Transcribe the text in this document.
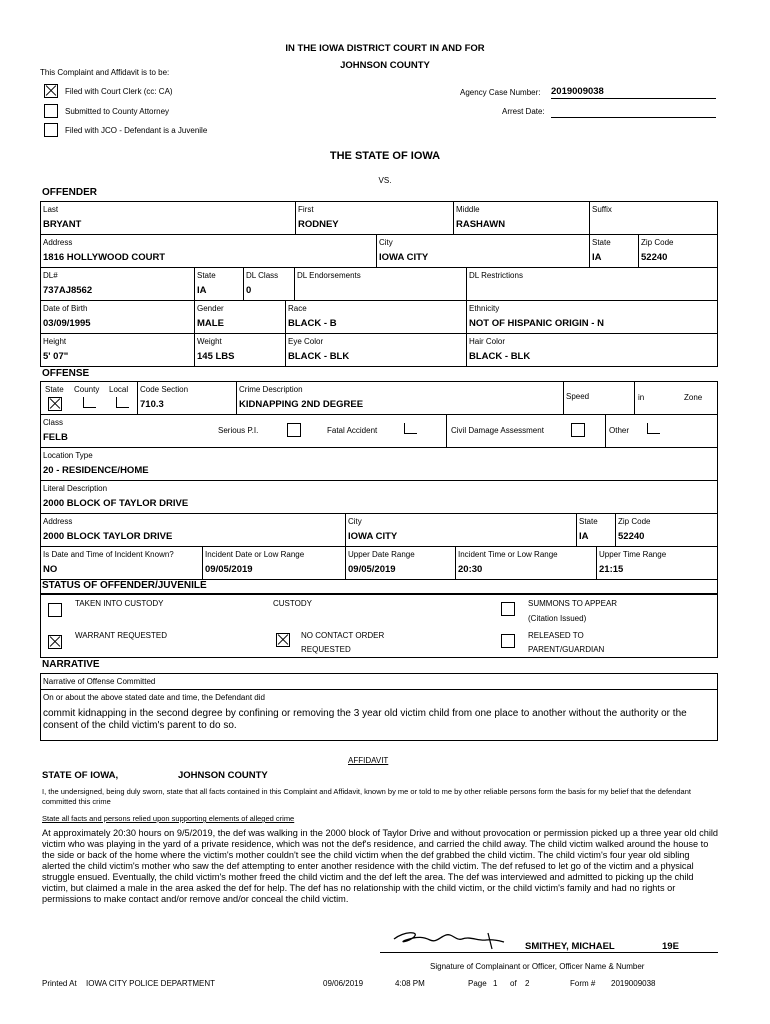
IN THE IOWA DISTRICT COURT IN AND FOR
JOHNSON COUNTY
This Complaint and Affidavit is to be:
Filed with Court Clerk (cc: CA)
Submitted to County Attorney
Filed with JCO - Defendant is a Juvenile
Agency Case Number: 2019009038
Arrest Date:
THE STATE OF IOWA
VS.
OFFENDER
Last
BRYANT
First
RODNEY
Middle
RASHAWN
Suffix
Address
1816 HOLLYWOOD COURT
City
IOWA CITY
State
IA
Zip Code
52240
DL#
737AJ8562
State
IA
DL Class
0
DL Endorsements	DL Restrictions
Date of Birth
03/09/1995
Gender
MALE
Race
BLACK - B
Ethnicity
NOT OF HISPANIC ORIGIN - N
Height
5' 07"
Weight
145 LBS
Eye Color
BLACK - BLK
Hair Color
BLACK - BLK
OFFENSE
State County Local Code Section
710.3
Crime Description
KIDNAPPING 2ND DEGREE
Speed	in	Zone
Class
FELB
Serious P.I.	Fatal Accident	Civil Damage Assessment	Other
Location Type
20 - RESIDENCE/HOME
Literal Description
2000 BLOCK OF TAYLOR DRIVE
Address
2000 BLOCK TAYLOR DRIVE
City
IOWA CITY
State
IA
Zip Code
52240
Is Date and Time of Incident Known?
NO
Incident Date or Low Range
09/05/2019
Upper Date Range
09/05/2019
Incident Time or Low Range
20:30
Upper Time Range
21:15
STATUS OF OFFENDER/JUVENILE
TAKEN INTO CUSTODY	CUSTODY	SUMMONS TO APPEAR
(Citation Issued)
WARRANT REQUESTED	NO CONTACT ORDER
REQUESTED
RELEASED TO
PARENT/GUARDIAN
NARRATIVE
Narrative of Offense Committed
On or about the above stated date and time, the Defendant did
commit kidnapping in the second degree by confining or removing the 3 year old victim child from one place to another without the authority or the consent of the child victim's parent to do so.
AFFIDAVIT
STATE OF IOWA,	JOHNSON COUNTY
I, the undersigned, being duly sworn, state that all facts contained in this Complaint and Affidavit, known by me or told to me by other reliable persons form the basis for my belief that the defendant committed this crime
State all facts and persons relied upon supporting elements of alleged crime
At approximately 20:30 hours on 9/5/2019, the def was walking in the 2000 block of Taylor Drive and without provocation or permission picked up a three year old child victim who was playing in the yard of a private residence, which was not the def's residence, and carried the child away. The child victim walked around the house to the side or back of the home where the victim's mother couldn't see the child victim when the def grabbed the child victim. The child victim's four year old sibling alerted the child victim's mother who saw the def attempting to enter another residence with the child victim. The def refused to let go of the victim and a physical struggle ensued. Eventually, the child victim's mother freed the child victim and the def left the area. The def was interviewed and admitted to picking up the child victim, but claimed a male in the area asked the def for help. The def has no relationship with the child victim, or the child victim's family and had no rights or permissions to make contact and/or remove and/or conceal the child victim.
SMITHEY, MICHAEL	19E
Signature of Complainant or Officer, Officer Name & Number
Printed At IOWA CITY POLICE DEPARTMENT	09/06/2019	4:08 PM	Page 1 of 2	Form # 2019009038
